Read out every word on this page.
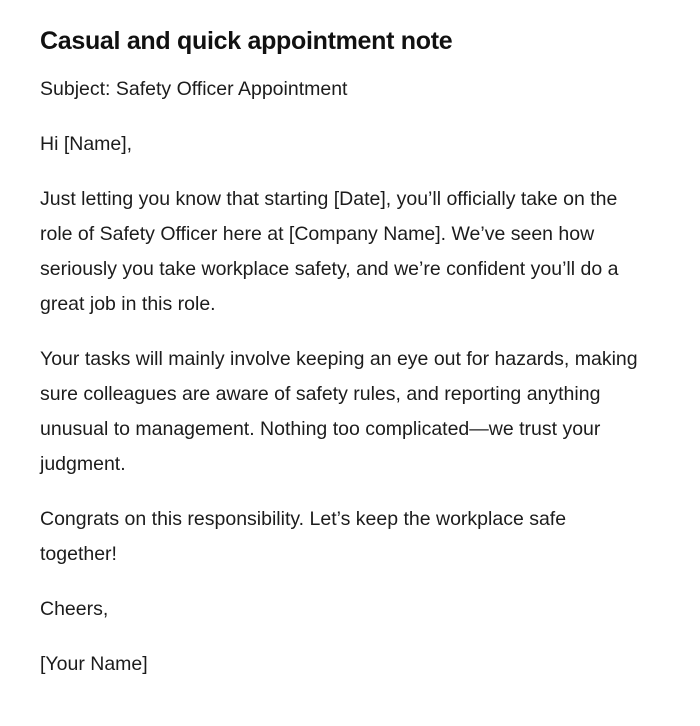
Casual and quick appointment note

Subject: Safety Officer Appointment

Hi [Name],

Just letting you know that starting [Date], you’ll officially take on the role of Safety Officer here at [Company Name]. We’ve seen how seriously you take workplace safety, and we’re confident you’ll do a great job in this role.

Your tasks will mainly involve keeping an eye out for hazards, making sure colleagues are aware of safety rules, and reporting anything unusual to management. Nothing too complicated—we trust your judgment.

Congrats on this responsibility. Let’s keep the workplace safe together!

Cheers,

[Your Name]
